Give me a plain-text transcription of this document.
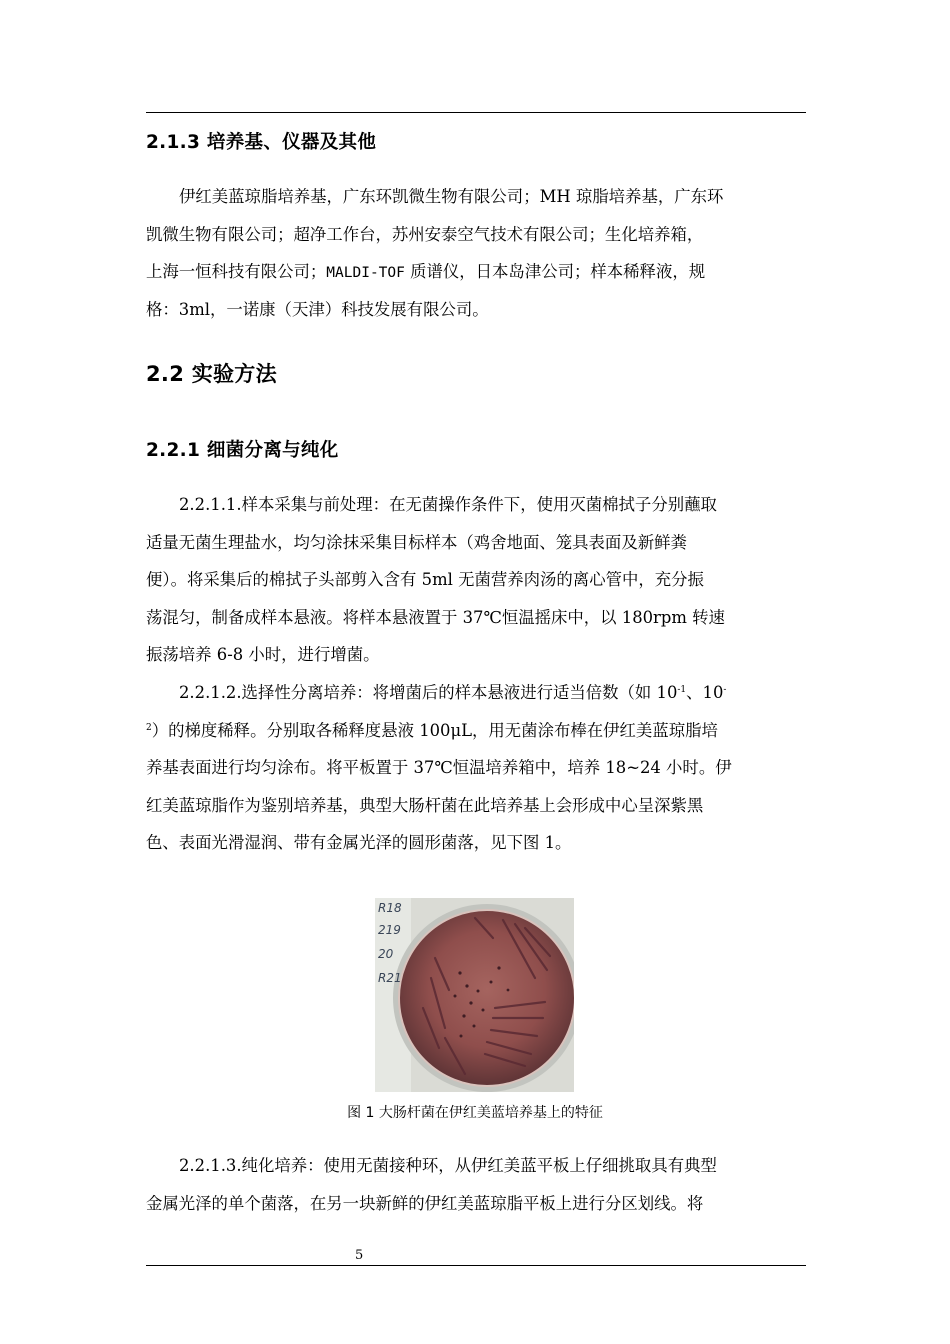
2.1.3 培养基、仪器及其他
伊红美蓝琼脂培养基，广东环凯微生物有限公司；MH 琼脂培养基，广东环
凯微生物有限公司；超净工作台，苏州安泰空气技术有限公司；生化培养箱，
上海一恒科技有限公司；MALDI-TOF 质谱仪，日本岛津公司；样本稀释液，规
格：3ml，一诺康（天津）科技发展有限公司。
2.2 实验方法
2.2.1 细菌分离与纯化
2.2.1.1.样本采集与前处理：在无菌操作条件下，使用灭菌棉拭子分别蘸取
适量无菌生理盐水，均匀涂抹采集目标样本（鸡舍地面、笼具表面及新鲜粪
便）。将采集后的棉拭子头部剪入含有 5ml 无菌营养肉汤的离心管中，充分振
荡混匀，制备成样本悬液。将样本悬液置于 37℃恒温摇床中，以 180rpm 转速
振荡培养 6-8 小时，进行增菌。
2.2.1.2.选择性分离培养：将增菌后的样本悬液进行适当倍数（如 $10^{-1}$、10-
$^2$）的梯度稀释。分别取各稀释度悬液 100μL，用无菌涂布棒在伊红美蓝琼脂培
养基表面进行均匀涂布。将平板置于 37℃恒温培养箱中，培养 18~24 小时。伊
红美蓝琼脂作为鉴别培养基，典型大肠杆菌在此培养基上会形成中心呈深紫黑
色、表面光滑湿润、带有金属光泽的圆形菌落，见下图 1。
R18
219
20
R21
图 1 大肠杆菌在伊红美蓝培养基上的特征
2.2.1.3.纯化培养：使用无菌接种环，从伊红美蓝平板上仔细挑取具有典型
金属光泽的单个菌落，在另一块新鲜的伊红美蓝琼脂平板上进行分区划线。将
5
